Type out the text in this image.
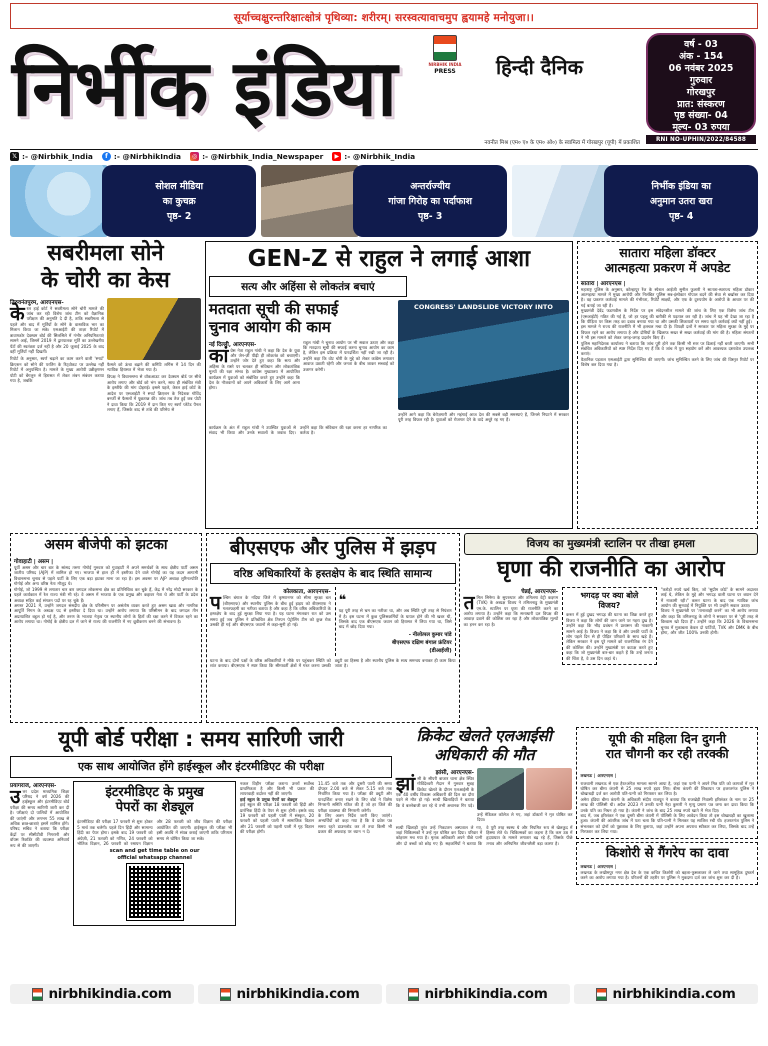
सूर्याच्चक्षुरन्तरिक्षात्क्षोत्रं पृथिव्या: शरीरम्। सरस्वत्यावाचमुप ह्वयामहे मनोयुजा।।
निर्भीक इंडिया	NIRBHIK INDIA
PRESS	हिन्दी दैनिक
वर्ष - 03
अंक - 154
06 नवंबर 2025
गुरुवार
गोरखपुर
प्रात: संस्करण
पृष्ठ संख्या- 04
मूल्य- 03 रुपया
RNI NO-UPHIN/2022/84588
नवनीत मिश्र (एम० ए० के एम० ओ०) के स्वामित्व में गोरखपुर (यूपी) में प्रकाशित
𝕏 :- @Nirbhik_India	f :- @NirbhikIndia	◎ :- @Nirbhik_India_Newspaper	▶ :- @Nirbhik_India
सोशल मीडिया
का कुचक्र
पृष्ठ- 2
अन्तर्राज्यीय
गांजा गिरोह का पर्दाफाश
पृष्ठ- 3
निर्भीक इंडिया का
अनुमान उतरा खरा
पृष्ठ- 4
सबरीमला सोने
के चोरी का केस
तिरुवनंतपुरम, आरएनएस-
केरल हाई कोर्ट ने सबरीमला सोने चोरी मामले की जांच कर रही विशेष जांच टीम को वैज्ञानिक परीक्षण की अनुमति दे दी है, ताकि सबरीमला से पहले और बाद में मूर्तियों के सोने के वास्तविक भार का मिलान किया जा सके। एसआईटी की ताज़ा रिपोर्ट में त्रावणकोर देवस्वम बोर्ड की सिलसिले में गंभीर अनियमितताएं सामने आईं, जिसमें 2019 में द्वारपालक मूर्ति का उल्लेखनीय पेंटों की स्वतंत्रता दर्ज नहीं है और 20 जुलाई 2025 के बाद वहीं मूर्तियाँ नहीं दिखतीं।
रिपोर्ट के अनुसार, स्वर्ण चढ़ाने का काम करने वाली 'स्मार्ट' क्रिएशन को सोने की परतिंग के रिट्वोकट पर उल्लेख नहीं रिपोर्ट में अनुपस्थित है। मामले के मुख्य आरोपी उन्नीकृष्णन पोटी को बेंगलुरु से हिरासत में लेकर लंबन संबंधन कराया गया है, जबकि
फैसले को ऊंचा बढ़ाने की कमिटि लगिंस में 14 दिन की न्यायिक हिरासत में भेजा गया है।
विपक्ष ने विधानसभा से वॉकआउट कर देवस्वम बोर्ड पर सीधे आरोप लगाए और बोर्ड को भंग करने, साथ ही संबंधित मंत्री के इस्तीफे की मांग दोहराई। इससे पहले, केरल हाई कोर्ट के आदेश पर एसआईटी ने स्मार्ट क्रिएशन के निदेशक गोविंद बनर्जी से फैसलों में पूछताछ की। जांच तब तेज हुई जब पोटी ने दावा किया कि 2019 में दान किए गए स्वर्ण प्लेटेड पैनल लगाए हैं, जिसके बाद से तांबे की परिमेय से
GEN-Z से राहुल ने लगाई आशा
सत्य और अहिंसा से लोकतंत्र बचाएं
मतदाता सूची की सफाई
चुनाव आयोग की काम
नई दिल्ली, आरएनएस-
कांग्रेस नेता राहुल गांधी ने कहा कि देश के युवा और जेन-ज़ी पीढ़ी ही लोकतंत्र को बचाएगी। उन्होंने जोर देते हुए कहा कि सत्य और अहिंसा के रास्ते पर चलकर ही संविधान और लोकतांत्रिक मूल्यों की रक्षा संभव है। कांग्रेस मुख्यालय में आयोजित कार्यक्रम में युवाओं को संबोधित करते हुए उन्होंने कहा कि देश के नौजवानों को अपने अधिकारों के लिए आगे आना होगा।
राहुल गांधी ने चुनाव आयोग पर भी सवाल उठाए और कहा कि मतदाता सूची की सफाई करना चुनाव आयोग का काम है, लेकिन इस प्रक्रिया में पारदर्शिता नहीं रखी जा रही है। उन्होंने कहा कि वोट चोरी के मुद्दे को लेकर कांग्रेस लगातार आवाज उठाती रहेगी और जनता के बीच जाकर सच्चाई को उजागर करेगी।
CONGRESS' LANDSLIDE VICTORY INTO
उन्होंने आगे कहा कि बेरोज़गारी और महंगाई आज देश की सबसे बड़ी समस्याएं हैं, जिनसे निपटने में सरकार पूरी तरह विफल रही है। युवाओं को रोजगार देने के वादे अधूरे रह गए हैं।
कार्यक्रम के अंत में राहुल गांधी ने उपस्थित युवाओं से संवाद भी किया और उनके सवालों के जवाब दिए। उन्होंने कहा कि संविधान की रक्षा करना हर नागरिक का कर्तव्य है।
सातारा महिला डॉक्टर
आत्महत्या प्रकरण में अपडेट
सातारा | आरएनएस |
महाराष्ट्र पुलिस के अनुसार, कोल्हापुर रेंज के स्पेशल आईजी सुनील फुलारी ने सातारा-स्वराज्य महिला डॉक्टर आत्महत्या मामले में मुख्य आरोपी और निलंबित पुलिस सब-इंस्पेक्टर गोपाल बदने की सेवा से बर्खास्त कर दिया है। वह प्रकरण कार्रवाई मामले की गंभीरता, रिपोर्टें साक्ष्यों, और एफ के दुरुपयोग के आरोपों के आधार पर की गई बताई जा रही है।
मुख्यमंत्री देवेंद्र फडणवीस के निर्देश पर इस संवेदनशील मामले की जांच के लिए एक विशेष जांच टीम (एसआईटी) गठित की गई है, जो हर पहलू की बारीकी से पड़ताल कर रही है। जांच में यह भी देखा जा रहा है कि पीड़िता पर किस तरह का दबाव बनाया गया था और उसकी शिकायतों पर समय रहते कार्रवाई क्यों नहीं हुई।
इस मामले ने राज्य की राजनीति में भी हलचल मचा दी है। विपक्षी दलों ने सरकार पर महिला सुरक्षा के मुद्दे पर विफल रहने का आरोप लगाया है और दोषियों के खिलाफ सख्त से सख्त कार्रवाई की मांग की है। महिला संगठनों ने भी इस मामले को लेकर जगह-जगह प्रदर्शन किए हैं।
पुलिस महानिदेशक कार्यालय ने बताया कि जांच पूरी होने तक किसी भी स्तर पर ढिलाई नहीं बरती जाएगी। सभी संबंधित अधिकारियों को स्पष्ट निर्देश दिए गए हैं कि वे जांच में पूरा सहयोग करें और आवश्यक दस्तावेज उपलब्ध कराएं।
वैज्ञानिक पड़ताल एसआईटी द्वारा सुनिश्चित की जाएगी। जांच सुनिश्चित करने के लिए जांच की विस्तृत रिपोर्ट पर विशेष बल दिया गया है।
असम बीजेपी को झटका
गोवाहाटी | असम |
पूर्वी असम और चार बार के सांसद तरुण गोगोई गुरुवार को गुवाहाटी में अपने समर्थकों के साथ क्षेत्रीय पार्टी असम जातीय परिषद (AJP) में शामिल हो गए। भाजपा से हाल ही में इस्तीफा देने वाले गोगोई का यह कदम आगामी विधानसभा चुनाव से पहले पार्टी के लिए एक बड़ा झटका माना जा रहा है। इस अवसर पर AJP अध्यक्ष लुरिनज्योति गोगोई और अन्य वरिष्ठ नेता मौजूद थे।
गोगोई, जो 1999 से लगातार चार बार जगदल लोकसभा क्षेत्र का प्रतिनिधित्व कर चुके हैं, केंद्र में नरेंद्र मोदी सरकार के पहले कार्यकाल में रेल राज्य मंत्री भी रहे। वे असम में भाजपा के एक प्रमुख और कद्दावर नेता थे और पार्टी के प्रदेश अध्यक्ष सहित कई संगठन पदों पर रह चुके हैं।
अगस्त 2021 में, उन्होंने जगदल संसदीय क्षेत्र के परिसीमन पर असंतोष व्यक्त करते हुए असम खाद्य और नागरिक आपूर्ति निगम के अध्यक्ष पद से इस्तीफा दे दिया था। उन्होंने आरोप लगाया कि परिसीमन के बाद जगदल तीन अप्रत्याशित बहुल हो गई है, और तरुण के भाजपा नेतृत्व पर स्थानीय लोगों के हितों की रक्षा करने में विफल रहने का आरोप लगाया था। गोगोई के क्षेत्रीय दल में जाने से राज्य की राजनीति में नए ध्रुवीकरण बनने की संभावना है।
बीएसएफ और पुलिस में झड़प
वरिष्ठ अधिकारियों के हस्तक्षेप के बाद स्थिति सामान्य
कोलकाता, आरएनएस-
पश्चिम बंगाल के नदिया जिले में कृष्णानगर को सीमा सुरक्षा बल (बीएसएफ) और स्थानीय पुलिस के बीच हुई झड़प को बीएसएफ ने गलतफहमी का नतीजा बताया है और कहा है कि वरिष्ठ अधिकारियों के हस्तक्षेप के बाद हुई सुरक्षा लिया गया है। यह घटना मंगलवार रात को उस समय हुई जब पुलिस ने प्रतिबंधित क्षेत्र तिरपन पेट्रोलिंग टीम को कुछ रोक उसकी ही गई और बीएसएफ जवानों से कहा-सुनी हो गई।
❝
यह पूरी तरह से भ्रम का नतीजा था, और अब स्थिति पूरी तरह से नियंत्रण में है। इस घटना में कुछ पुलिसकर्मियों के घायल होने की भी खबर थी, जिसके बाद एक बीएसएफ जवान को हिरासत में लिया गया था, जिसे बाद में छोड़ दिया गया।
- नीलोत्पल कुमार पांडे
बीएसएफ दक्षिण बंगाल फ्रंटियर
(डीआईजी)
घटना के बाद दोनों पक्षों के वरिष्ठ अधिकारियों ने मौके पर पहुंचकर स्थिति को शांत कराया। बीएसएफ ने स्पष्ट किया कि सीमावर्ती क्षेत्रों में गश्त करना उसकी ड्यूटी का हिस्सा है और स्थानीय पुलिस के साथ समन्वय बनाकर ही काम किया जाता है।
विजय का मुख्यमंत्री स्टालिन पर तीखा हमला
घृणा की राजनीति का आरोप
चेन्नई, आरएनएस-
तमिल सिनेमा के सुपरस्टार और तमिलगा वेट्री कड़गम (TVK) के अध्यक्ष विजय ने तमिलनाडु के मुख्यमंत्री एम.के. स्टालिन पर घृणा की राजनीति करने का आरोप लगाया है। उन्होंने कहा कि सत्ताधारी दल विपक्ष की आवाज़ दबाने की कोशिश कर रहा है और लोकतांत्रिक मूल्यों का हनन कर रहा है।
भगदड़ पर क्या बोले
विजय?
करूर में हुई दुखद भगदड़ की घटना का जिक्र करते हुए विजय ने कहा कि लोगों की जान जाने पर गहरा दुख है। उन्होंने कहा कि भीड़ प्रबंधन में प्रशासन की नाकामी सामने आई है। विजय ने कहा कि वे और उनकी पार्टी के लोग पहले दिन से ही पीड़ित परिवारों के साथ खड़े हैं। लेकिन सरकार ने इस पूरे मामले को राजनीतिक रंग देने की कोशिश की। उन्होंने मुख्यमंत्री पर कटाक्ष करते हुए कहा कि जो मुख्यमंत्री बार-बार कहते हैं कि उन्हें जनता की चिंता है, वे उस दिन कहां थे।
"करोड़ों रुपये खर्च किए, जो 'सुप्रीम कोर्ट' के सामने अदालत लाई थे, लेकिन के मुद्दे और भगदड़ वाली घटना पर बयान देने में नाकामी रही।" करूर घटना के बाद एक न्यायिक जांच आयोग की सुनवाई में नियुक्ति पर भी उन्होंने सवाल उठाए।
विजय ने मुख्यमंत्री पर 'तानाशाही करने' का भी आरोप लगाया और कहा कि तमिलनाडु के लोगों ने सरकार पर से 'पूरी तरह से विश्वास खो दिया है'। उन्होंने कहा कि 2026 के विधानसभा चुनाव में मुकाबला केवल दो पार्टियों, TVK और DMK के बीच होगा, और जीत 100% उनकी होगी।
यूपी बोर्ड परीक्षा : समय सारिणी जारी
एक साथ आयोजित होंगे हाईस्कूल और इंटरमीडिएट की परीक्षा
प्रयागराज, आरएनएस-
उत्तर प्रदेश माध्यमिक शिक्षा परिषद ने वर्ष 2026 की हाईस्कूल और इंटरमीडिएट बोर्ड परीक्षा की समय सारिणी जारी कर दी है। परीक्षाएं दो पालियों में आयोजित की जाएंगी और लगभग 55 लाख से अधिक छात्र-छात्राएं इसमें शामिल होंगे। परिषद सचिव ने बताया कि परीक्षा केंद्रों पर सीसीटीवी निगरानी और वॉयस रिकॉर्डर की व्यवस्था अनिवार्य रूप से की जाएगी।
इंटरमीडिएट के प्रमुख
पेपरों का शेड्यूल
इंटरमीडिएट की परीक्षा 17 फरवरी से शुरू होकर 5 मार्च तक चलेगी। पहले दिन हिंदी और सामान्य हिंदी का पेपर होगा। इसके बाद 19 फरवरी को अंग्रेज़ी, 21 फरवरी को गणित, 24 फरवरी को भौतिक विज्ञान, 26 फरवरी को रसायन विज्ञान और 28 फरवरी को जीव विज्ञान की परीक्षा आयोजित की जाएगी। हाईस्कूल की परीक्षा भी इसी अवधि में संपन्न कराई जाएगी ताकि परिणाम समय से घोषित किया जा सके।
scan and get time table on our
official whatsapp channel
नकल विहीन परीक्षा कराना उत्तरों सर्वोच्च प्राथमिकता है और किसी भी प्रकार की लापरवाही बर्दाश्त नहीं की जाएगी।
हाई स्कूल के प्रमुख पेपरों का शेड्यूल
हाई स्कूल की परीक्षा 18 फरवरी को हिंदी और प्रारंभिक हिंदी के पेपर से शुरू होगी। इसके बाद 19 फरवरी को पहली पाली में संस्कृत, 20 फरवरी को पहली पाली में सामाजिक विज्ञान और 21 फरवरी को पहली पाली में गृह विज्ञान की परीक्षा होगी।
11.45 बजे तक और दूसरी पाली की समय दोपहर 2.00 बजे से लेकर 5.15 बजे तक निर्धारित किया गया है। परीक्षा की ड्यूटी और पारदर्शिता बनाए रखने के लिए बोर्ड ने विशेष निगरानी समिति गठित की है जो हर जिले की परीक्षा व्यवस्था की निगरानी करेगी।
के लिए अलग निर्देश जारी किए जाएंगे। अभ्यर्थियों को कहा गया है कि वे प्रवेश पत्र समय रहते डाउनलोड कर लें तथा किसी भी प्रकार की अफवाह पर ध्यान न दें।
क्रिकेट खेलते एलआईसी
अधिकारी की मौत
झांसी, आरएनएस-
झांसी के सीपरी बाजार थाना क्षेत्र स्थित गोविंदेश्वरी मैदान में गुरुवार सुबह क्रिकेट खेलते के दौरान एलआईसी के एक 40 वर्षीय विकास अधिकारी की दिल का दौरा पड़ने से मौत हो गई। साथी खिलाड़ियों ने बताया कि वे बल्लेबाजी कर रहे थे तभी अचानक गिर पड़े।
उन्हें मेडिकल कॉलेज ले गए, जहां डॉक्टरों ने मृत घोषित कर दिया।
साथी खिलाड़ी तुरंत उन्हें निकटतम अस्पताल ले गए, जहां चिकित्सकों ने उन्हें मृत घोषित कर दिया। परिवार में कोहराम मच गया है। मृतक अधिकारी अपने पीछे पत्नी और दो बच्चों को छोड़ गए हैं। सहकर्मियों ने बताया कि वे पूरी तरह स्वस्थ थे और नियमित रूप से खेलकूद में हिस्सा लेते थे। चिकित्सकों का कहना है कि कम उम्र में हृदयाघात के मामले लगातार बढ़ रहे हैं, जिसके पीछे तनाव और अनियमित जीवनशैली बड़ा कारण है।
यूपी की महिला दिन दुगनी
रात चौगनी कर रही तरक्की
लखनऊ | आरएनएस |
राजधानी लखनऊ से एक हैरतअंगेज़ मामला सामने आया है, जहां एक पत्नी ने अपने मित्र पति को कागजों में मृत घोषित कर बीमा कंपनी से 25 लाख रुपये हड़प लिए। बीमा कंपनी की शिकायत पर हजरतगंज पुलिस ने धोखाधड़ी दर्ज कर आरोपी पति-पत्नी को गिरफ्तार कर लिया है।
अमेरा इंडिया बीमा कंपनी के अधिकारी संदीप राजपूत ने बताया कि राजखेड़ी निवासी हरिशंकर के नाम पर 25 लाख की पॉलिसी थी। अप्रैल 2023 में उनकी पत्नी नेहा कुमारी ने मृत्यु प्रमाण पत्र जमा कर दावा किया कि उनके पति का निधन हो गया है। कंपनी ने जांच के बाद 25 लाख रुपये खाते में भेज दिए।
बाद में, जब हरिशंकर ने एक दूसरी बीमा कंपनी में पॉलिसी के लिए आवेदन किया तो इस धोखाधड़ी का खुलासा हुआ। कंपनी की आंतरिक जांच में पता चला कि पति-पत्नी ने मिलकर यह साजिश रची थी। हजरतगंज पुलिस ने संभलकर को दोनों को पूछताछ के लिए बुलाया, जहां उन्होंने अपना अपराध स्वीकार कर लिया, जिसके बाद उन्हें गिरफ्तार कर लिया गया।
किशोरी से गैंगरेप का दावा
लखनऊ | आरएनएस |
लखनऊ के लखीमपुर नगर क्षेत्र देश के एक कथित किशोरी को बहला-फुसलाकर ले जाने तथा सामूहिक दुष्कर्म करने का आरोप लगाया गया है। परिजनों की तहरीर पर पुलिस ने मुकदमा दर्ज कर जांच शुरू कर दी है।
nirbhikindia.com	nirbhikindia.com	nirbhikindia.com	nirbhikindia.com
